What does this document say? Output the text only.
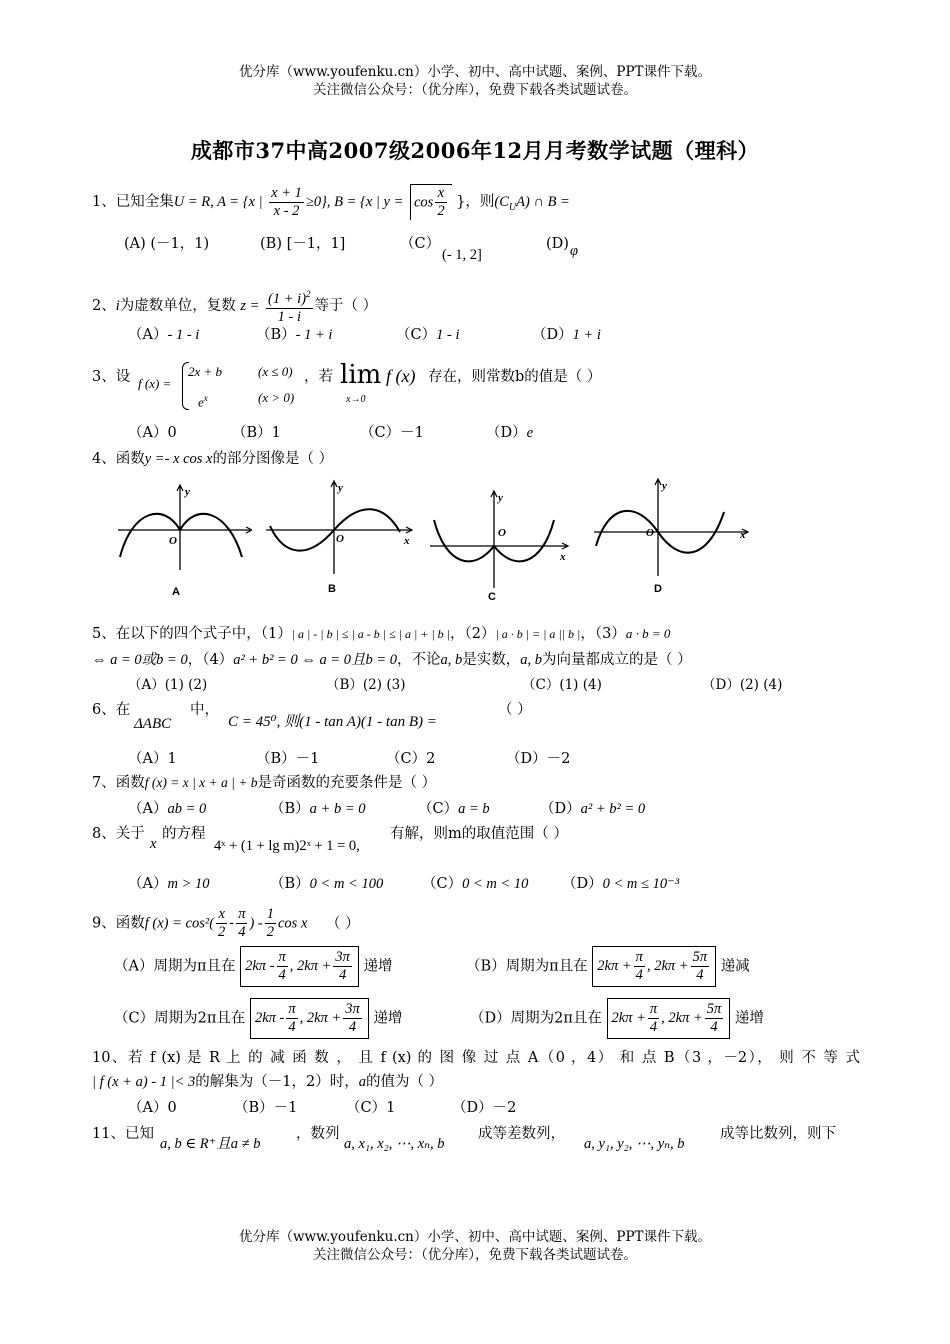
优分库（www.youfenku.cn）小学、初中、高中试题、案例、PPT课件下载。
关注微信公众号：（优分库），免费下载各类试题试卷。
成都市37中高2007级2006年12月月考数学试题（理科）
1、已知全集U = R, A = {x | $\frac{x + 1}{x - 2} \ge 0$}, B = {x | $y = \cos \frac{x}{2}$ }，则$(C_UA)$ ∩ B =
(A) (－1，1)	(B) [－1，1]	（C）
(- 1, 2]
(D) φ
2、i为虚数单位，复数 $z = \frac{(1 + i)^2}{1 - i}$ 等于（ ）
（A）- 1 - i	（B）- 1 + i	（C）1 - i	（D）1 + i
3、设 f (x) =
2x + b	(x ≤ 0)
$e^x$	(x > 0)
，若 lim
x→0
f (x) 存在，则常数b的值是（ ）
（A）0	（B）1	（C）－1	（D）e
4、函数y =- x cos x的部分图像是（ ）
y
O
A
y
O	x
B
y
O
x
C
y
O	x
D
5、在以下的四个式子中，（1）| a | - | b | ≤ | a - b | ≤ | a | + | b |，（2）| a · b | = | a || b |，（3）a · b = 0
⇔ a = 0或b = 0，（4）a² + b² = 0 ⇔ a = 0且b = 0，不论a, b是实数，a, b为向量都成立的是（ ）
（A）(1) (2)	（B）(2) (3)	（C）(1) (4)	（D）(2) (4)
6、在
ΔABC
中，
C = 45⁰, 则(1 - tan A)(1 - tan B) =
（ ）
（A）1	（B）－1	（C）2	（D）－2
7、函数f (x) = x | x + a | + b是奇函数的充要条件是（ ）
（A）ab = 0	（B）a + b = 0	（C）a = b	（D）a² + b² = 0
8、关于
x
的方程
4ˣ + (1 + lg m)2ˣ + 1 = 0,
有解，则m的取值范围（ ）
（A）m > 10	（B）0 < m < 100	（C）0 < m < 10 （D）0 < m ≤ 10⁻³
9、函数f $(x) = \cos^2( \frac{x}{2} - \frac{\pi}{4}$ ) - $\frac{1}{2}$ cos x （ ）
（A）周期为π且在 $2k\pi - \frac{\pi}{4}$ , $2k\pi + \frac{3\pi}{4}$ 递增	（B）周期为π且在 $2k\pi + \frac{\pi}{4}$ , $2k\pi + \frac{5\pi}{4}$ 递减
（C）周期为2π且在 $2k\pi - \frac{\pi}{4}$ , $2k\pi + \frac{3\pi}{4}$ 递增	（D）周期为2π且在 $2k\pi + \frac{\pi}{4}$ , $2k\pi + \frac{5\pi}{4}$ 递增
10、若 f (x) 是 R 上 的 减 函 数 ， 且 f (x) 的 图 像 过 点 A（0 ，4） 和 点 B（3 ，－2）， 则 不 等 式
| f (x + a) - 1 |< 3的解集为（－1，2）时，a的值为（ ）
（A）0	（B）－1	（C）1	（D）－2
11、已知
a, b ∈ R⁺且a ≠ b
，数列
a, x₁, x₂, ⋯, xₙ, b
成等差数列，
a, y₁, y₂, ⋯, yₙ, b
成等比数列，则下
优分库（www.youfenku.cn）小学、初中、高中试题、案例、PPT课件下载。
关注微信公众号：（优分库），免费下载各类试题试卷。
